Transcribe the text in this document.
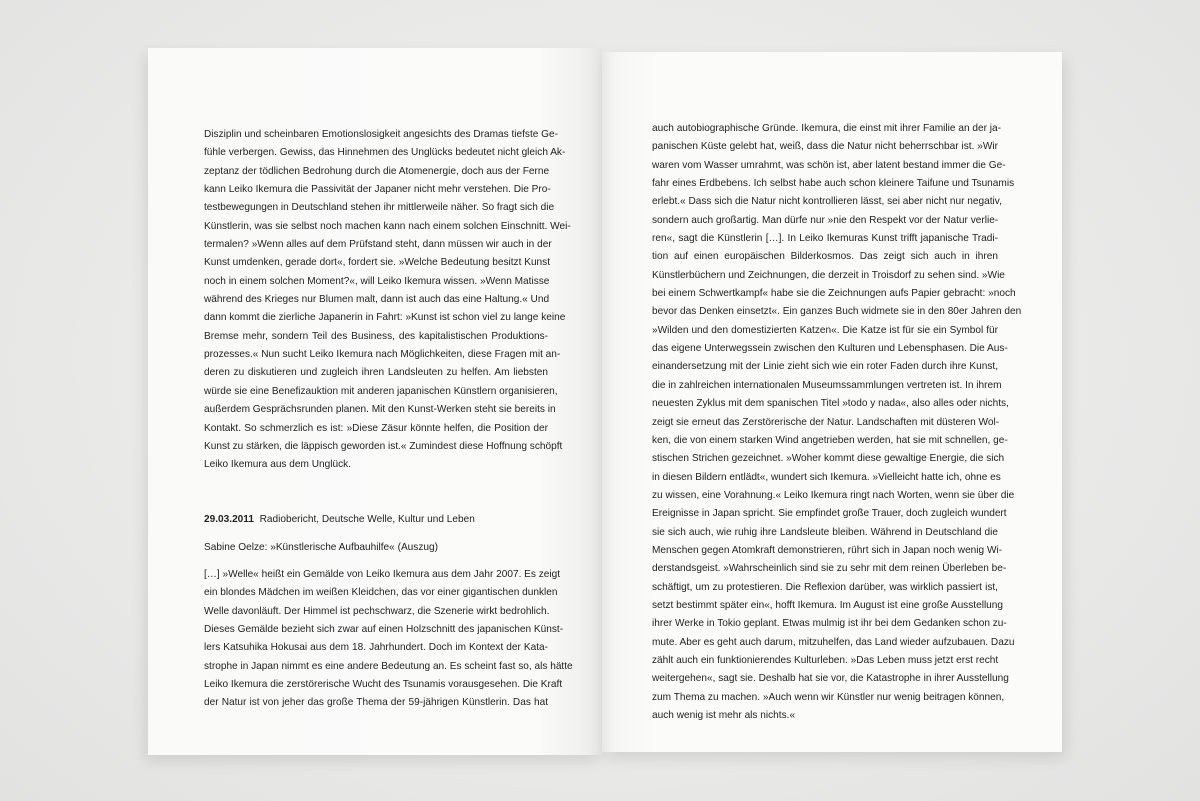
Disziplin und scheinbaren Emotionslosigkeit angesichts des Dramas tiefste Ge-
fühle verbergen. Gewiss, das Hinnehmen des Unglücks bedeutet nicht gleich Ak-
zeptanz der tödlichen Bedrohung durch die Atomenergie, doch aus der Ferne
kann Leiko Ikemura die Passivität der Japaner nicht mehr verstehen. Die Pro-
testbewegungen in Deutschland stehen ihr mittlerweile näher. So fragt sich die
Künstlerin, was sie selbst noch machen kann nach einem solchen Einschnitt. Wei-
termalen? »Wenn alles auf dem Prüfstand steht, dann müssen wir auch in der
Kunst umdenken, gerade dort«, fordert sie. »Welche Bedeutung besitzt Kunst
noch in einem solchen Moment?«, will Leiko Ikemura wissen. »Wenn Matisse
während des Krieges nur Blumen malt, dann ist auch das eine Haltung.« Und
dann kommt die zierliche Japanerin in Fahrt: »Kunst ist schon viel zu lange keine
Bremse mehr, sondern Teil des Business, des kapitalistischen Produktions-
prozesses.« Nun sucht Leiko Ikemura nach Möglichkeiten, diese Fragen mit an-
deren zu diskutieren und zugleich ihren Landsleuten zu helfen. Am liebsten
würde sie eine Benefizauktion mit anderen japanischen Künstlern organisieren,
außerdem Gesprächsrunden planen. Mit den Kunst-Werken steht sie bereits in
Kontakt. So schmerzlich es ist: »Diese Zäsur könnte helfen, die Position der
Kunst zu stärken, die läppisch geworden ist.« Zumindest diese Hoffnung schöpft
Leiko Ikemura aus dem Unglück.
29.03.2011 Radiobericht, Deutsche Welle, Kultur und Leben
Sabine Oelze: »Künstlerische Aufbauhilfe« (Auszug)
[…] »Welle« heißt ein Gemälde von Leiko Ikemura aus dem Jahr 2007. Es zeigt
ein blondes Mädchen im weißen Kleidchen, das vor einer gigantischen dunklen
Welle davonläuft. Der Himmel ist pechschwarz, die Szenerie wirkt bedrohlich.
Dieses Gemälde bezieht sich zwar auf einen Holzschnitt des japanischen Künst-
lers Katsuhika Hokusai aus dem 18. Jahrhundert. Doch im Kontext der Kata-
strophe in Japan nimmt es eine andere Bedeutung an. Es scheint fast so, als hätte
Leiko Ikemura die zerstörerische Wucht des Tsunamis vorausgesehen. Die Kraft
der Natur ist von jeher das große Thema der 59-jährigen Künstlerin. Das hat
auch autobiographische Gründe. Ikemura, die einst mit ihrer Familie an der ja-
panischen Küste gelebt hat, weiß, dass die Natur nicht beherrschbar ist. »Wir
waren vom Wasser umrahmt, was schön ist, aber latent bestand immer die Ge-
fahr eines Erdbebens. Ich selbst habe auch schon kleinere Taifune und Tsunamis
erlebt.« Dass sich die Natur nicht kontrollieren lässt, sei aber nicht nur negativ,
sondern auch großartig. Man dürfe nur »nie den Respekt vor der Natur verlie-
ren«, sagt die Künstlerin […]. In Leiko Ikemuras Kunst trifft japanische Tradi-
tion auf einen europäischen Bilderkosmos. Das zeigt sich auch in ihren
Künstlerbüchern und Zeichnungen, die derzeit in Troisdorf zu sehen sind. »Wie
bei einem Schwertkampf« habe sie die Zeichnungen aufs Papier gebracht: »noch
bevor das Denken einsetzt«. Ein ganzes Buch widmete sie in den 80er Jahren den
»Wilden und den domestizierten Katzen«. Die Katze ist für sie ein Symbol für
das eigene Unterwegssein zwischen den Kulturen und Lebensphasen. Die Aus-
einandersetzung mit der Linie zieht sich wie ein roter Faden durch ihre Kunst,
die in zahlreichen internationalen Museumssammlungen vertreten ist. In ihrem
neuesten Zyklus mit dem spanischen Titel »todo y nada«, also alles oder nichts,
zeigt sie erneut das Zerstörerische der Natur. Landschaften mit düsteren Wol-
ken, die von einem starken Wind angetrieben werden, hat sie mit schnellen, ge-
stischen Strichen gezeichnet. »Woher kommt diese gewaltige Energie, die sich
in diesen Bildern entlädt«, wundert sich Ikemura. »Vielleicht hatte ich, ohne es
zu wissen, eine Vorahnung.« Leiko Ikemura ringt nach Worten, wenn sie über die
Ereignisse in Japan spricht. Sie empfindet große Trauer, doch zugleich wundert
sie sich auch, wie ruhig ihre Landsleute bleiben. Während in Deutschland die
Menschen gegen Atomkraft demonstrieren, rührt sich in Japan noch wenig Wi-
derstandsgeist. »Wahrscheinlich sind sie zu sehr mit dem reinen Überleben be-
schäftigt, um zu protestieren. Die Reflexion darüber, was wirklich passiert ist,
setzt bestimmt später ein«, hofft Ikemura. Im August ist eine große Ausstellung
ihrer Werke in Tokio geplant. Etwas mulmig ist ihr bei dem Gedanken schon zu-
mute. Aber es geht auch darum, mitzuhelfen, das Land wieder aufzubauen. Dazu
zählt auch ein funktionierendes Kulturleben. »Das Leben muss jetzt erst recht
weitergehen«, sagt sie. Deshalb hat sie vor, die Katastrophe in ihrer Ausstellung
zum Thema zu machen. »Auch wenn wir Künstler nur wenig beitragen können,
auch wenig ist mehr als nichts.«
